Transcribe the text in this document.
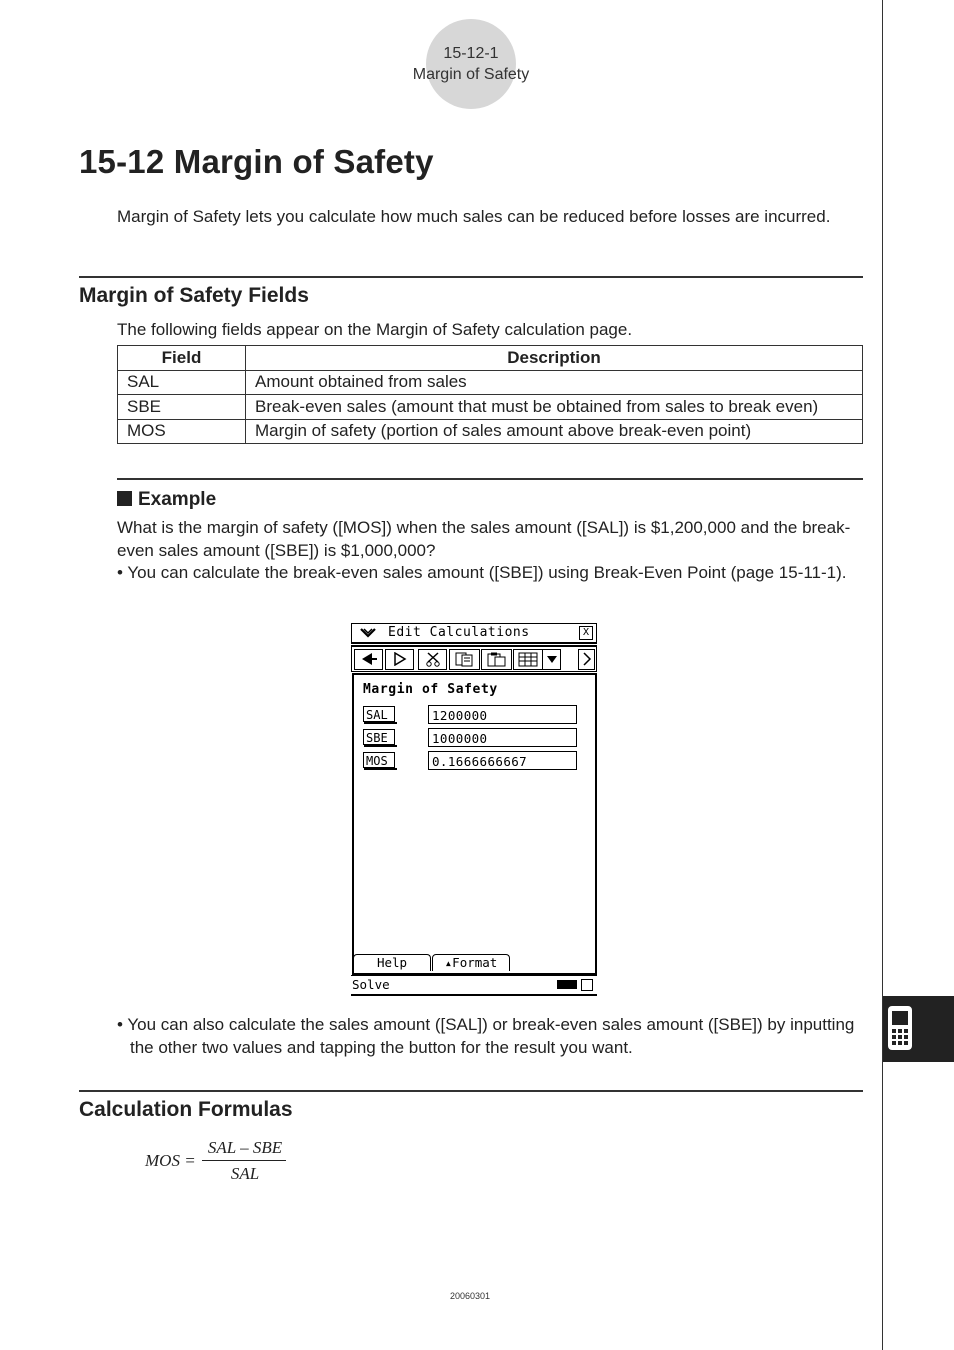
15-12-1
Margin of Safety
15-12 Margin of Safety
Margin of Safety lets you calculate how much sales can be reduced before losses are incurred.
Margin of Safety Fields
The following fields appear on the Margin of Safety calculation page.
Field	Description
SAL	Amount obtained from sales
SBE	Break-even sales (amount that must be obtained from sales to break even)
MOS	Margin of safety (portion of sales amount above break-even point)
Example
What is the margin of safety ([MOS]) when the sales amount ([SAL]) is $1,200,000 and the break-even sales amount ([SBE]) is $1,000,000?
• You can calculate the break-even sales amount ([SBE]) using Break-Even Point (page 15-11-1).
Edit Calculations	X
Margin of Safety
SAL	1200000
SBE	1000000
MOS	0.1666666667
Help	▴Format
Solve
• You can also calculate the sales amount ([SAL]) or break-even sales amount ([SBE]) by inputting the other two values and tapping the button for the result you want.
Calculation Formulas
MOS =
SAL – SBE
SAL
20060301
